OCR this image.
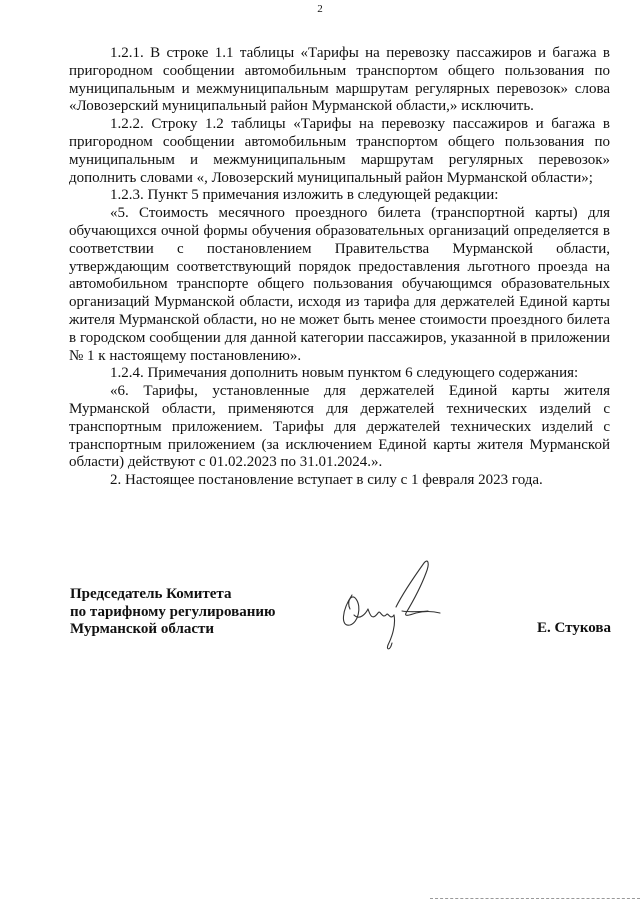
2

1.2.1. В строке 1.1 таблицы «Тарифы на перевозку пассажиров и багажа в пригородном сообщении автомобильным транспортом общего пользования по муниципальным и межмуниципальным маршрутам регулярных перевозок» слова «Ловозерский муниципальный район Мурманской области,» исключить.

1.2.2. Строку 1.2 таблицы «Тарифы на перевозку пассажиров и багажа в пригородном сообщении автомобильным транспортом общего пользования по муниципальным и межмуниципальным маршрутам регулярных перевозок» дополнить словами «, Ловозерский муниципальный район Мурманской области»;

1.2.3. Пункт 5 примечания изложить в следующей редакции:

«5. Стоимость месячного проездного билета (транспортной карты) для обучающихся очной формы обучения образовательных организаций определяется в соответствии с постановлением Правительства Мурманской области, утверждающим соответствующий порядок предоставления льготного проезда на автомобильном транспорте общего пользования обучающимся образовательных организаций Мурманской области, исходя из тарифа для держателей Единой карты жителя Мурманской области, но не может быть менее стоимости проездного билета в городском сообщении для данной категории пассажиров, указанной в приложении № 1 к настоящему постановлению».

1.2.4. Примечания дополнить новым пунктом 6 следующего содержания:

«6. Тарифы, установленные для держателей Единой карты жителя Мурманской области, применяются для держателей технических изделий с транспортным приложением. Тарифы для держателей технических изделий с транспортным приложением (за исключением Единой карты жителя Мурманской области) действуют с 01.02.2023 по 31.01.2024.».

2. Настоящее постановление вступает в силу с 1 февраля 2023 года.

Председатель Комитета
по тарифному регулированию
Мурманской области	Е. Стукова
